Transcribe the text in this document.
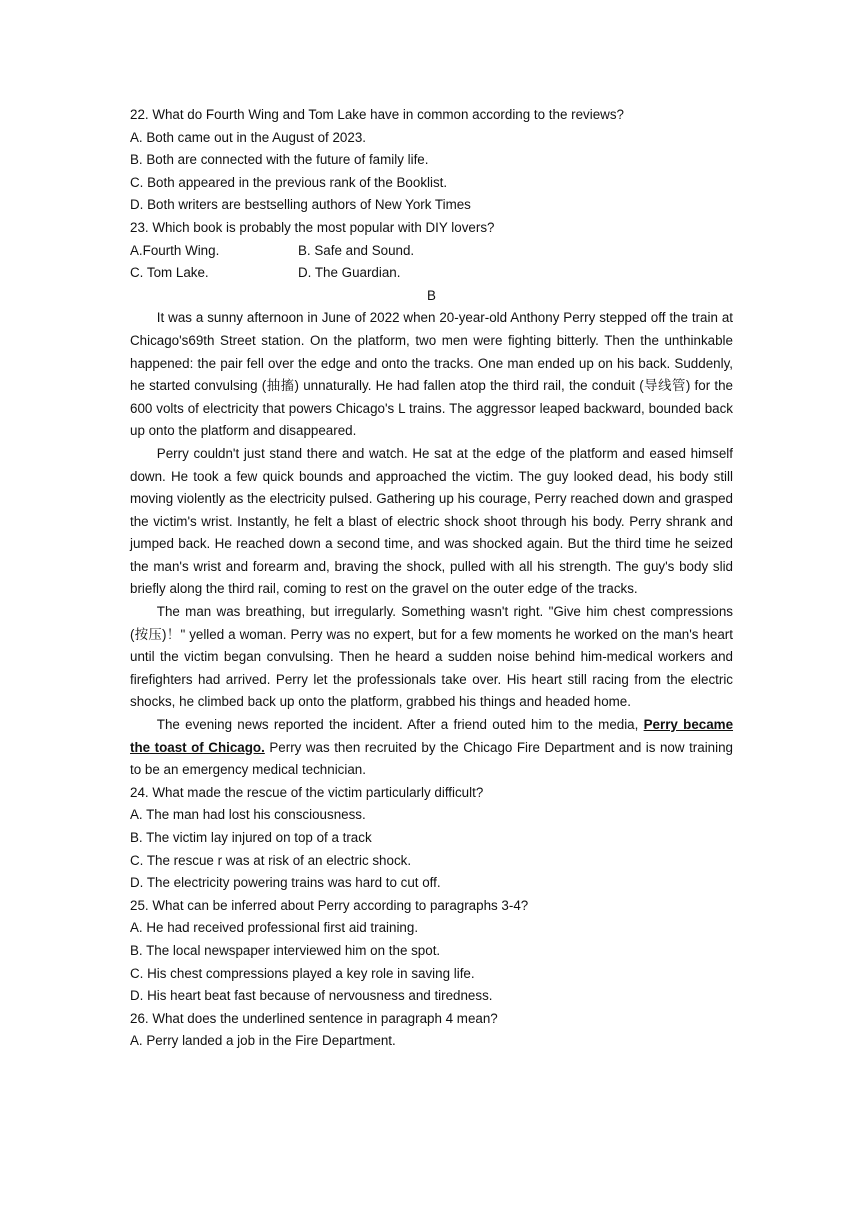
22. What do Fourth Wing and Tom Lake have in common according to the reviews?

A. Both came out in the August of 2023.

B. Both are connected with the future of family life.

C. Both appeared in the previous rank of the Booklist.

D. Both writers are bestselling authors of New York Times

23. Which book is probably the most popular with DIY lovers?

A.Fourth Wing.	B. Safe and Sound.
C. Tom Lake.	D. The Guardian.

B

It was a sunny afternoon in June of 2022 when 20-year-old Anthony Perry stepped off the train at Chicago's69th Street station. On the platform, two men were fighting bitterly. Then the unthinkable happened: the pair fell over the edge and onto the tracks. One man ended up on his back. Suddenly, he started convulsing (抽搐) unnaturally. He had fallen atop the third rail, the conduit (导线管) for the 600 volts of electricity that powers Chicago's L trains. The aggressor leaped backward, bounded back up onto the platform and disappeared.

Perry couldn't just stand there and watch. He sat at the edge of the platform and eased himself down. He took a few quick bounds and approached the victim. The guy looked dead, his body still moving violently as the electricity pulsed. Gathering up his courage, Perry reached down and grasped the victim's wrist. Instantly, he felt a blast of electric shock shoot through his body. Perry shrank and jumped back. He reached down a second time, and was shocked again. But the third time he seized the man's wrist and forearm and, braving the shock, pulled with all his strength. The guy's body slid briefly along the third rail, coming to rest on the gravel on the outer edge of the tracks.

The man was breathing, but irregularly. Something wasn't right. "Give him chest compressions (按压)！" yelled a woman. Perry was no expert, but for a few moments he worked on the man's heart until the victim began convulsing. Then he heard a sudden noise behind him-medical workers and firefighters had arrived. Perry let the professionals take over. His heart still racing from the electric shocks, he climbed back up onto the platform, grabbed his things and headed home.

The evening news reported the incident. After a friend outed him to the media, Perry became the toast of Chicago. Perry was then recruited by the Chicago Fire Department and is now training to be an emergency medical technician.

24. What made the rescue of the victim particularly difficult?

A. The man had lost his consciousness.

B. The victim lay injured on top of a track

C. The rescue r was at risk of an electric shock.

D. The electricity powering trains was hard to cut off.

25. What can be inferred about Perry according to paragraphs 3-4?

A. He had received professional first aid training.

B. The local newspaper interviewed him on the spot.

C. His chest compressions played a key role in saving life.

D. His heart beat fast because of nervousness and tiredness.

26. What does the underlined sentence in paragraph 4 mean?

A. Perry landed a job in the Fire Department.
